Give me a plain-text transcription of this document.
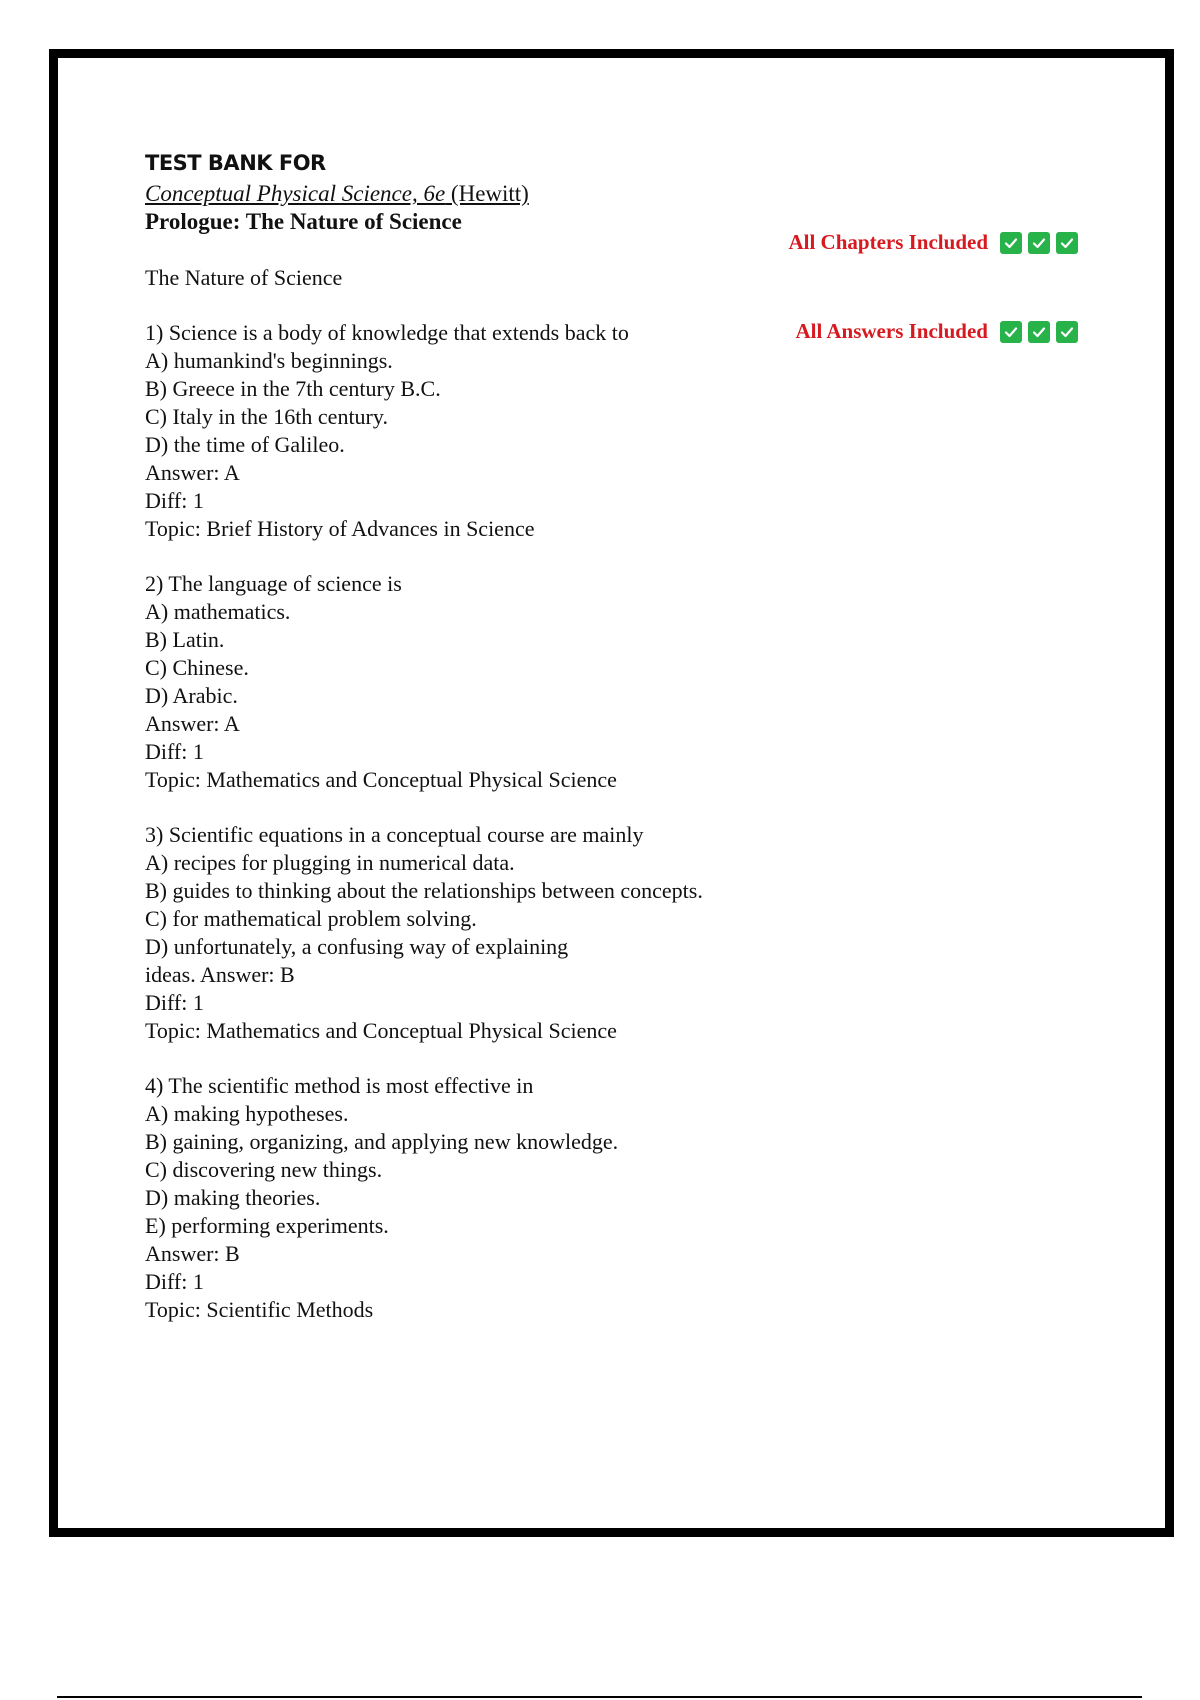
TEST BANK FOR
Conceptual Physical Science, 6e (Hewitt)
Prologue: The Nature of Science
The Nature of Science
1) Science is a body of knowledge that extends back to
A) humankind's beginnings.
B) Greece in the 7th century B.C.
C) Italy in the 16th century.
D) the time of Galileo.
Answer: A
Diff: 1
Topic: Brief History of Advances in Science
2) The language of science is
A) mathematics.
B) Latin.
C) Chinese.
D) Arabic.
Answer: A
Diff: 1
Topic: Mathematics and Conceptual Physical Science
3) Scientific equations in a conceptual course are mainly
A) recipes for plugging in numerical data.
B) guides to thinking about the relationships between concepts.
C) for mathematical problem solving.
D) unfortunately, a confusing way of explaining
ideas. Answer: B
Diff: 1
Topic: Mathematics and Conceptual Physical Science
4) The scientific method is most effective in
A) making hypotheses.
B) gaining, organizing, and applying new knowledge.
C) discovering new things.
D) making theories.
E) performing experiments.
Answer: B
Diff: 1
Topic: Scientific Methods
All Chapters Included
All Answers Included
